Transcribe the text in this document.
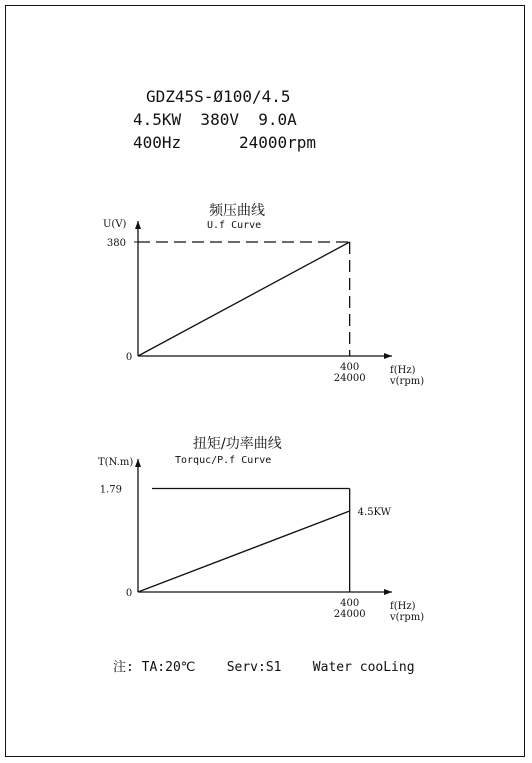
GDZ45S-Ø100/4.5
4.5KW  380V  9.0A
400Hz      24000rpm
频压曲线
U.f Curve
U(V)
f(Hz)
v(rpm)
0
400
24000
380
扭矩/功率曲线
Torquc/P.f Curve
T(N.m)
f(Hz)
v(rpm)
0
400
24000
1.79
4.5KW
注: TA:20℃    Serv:S1    Water cooLing
